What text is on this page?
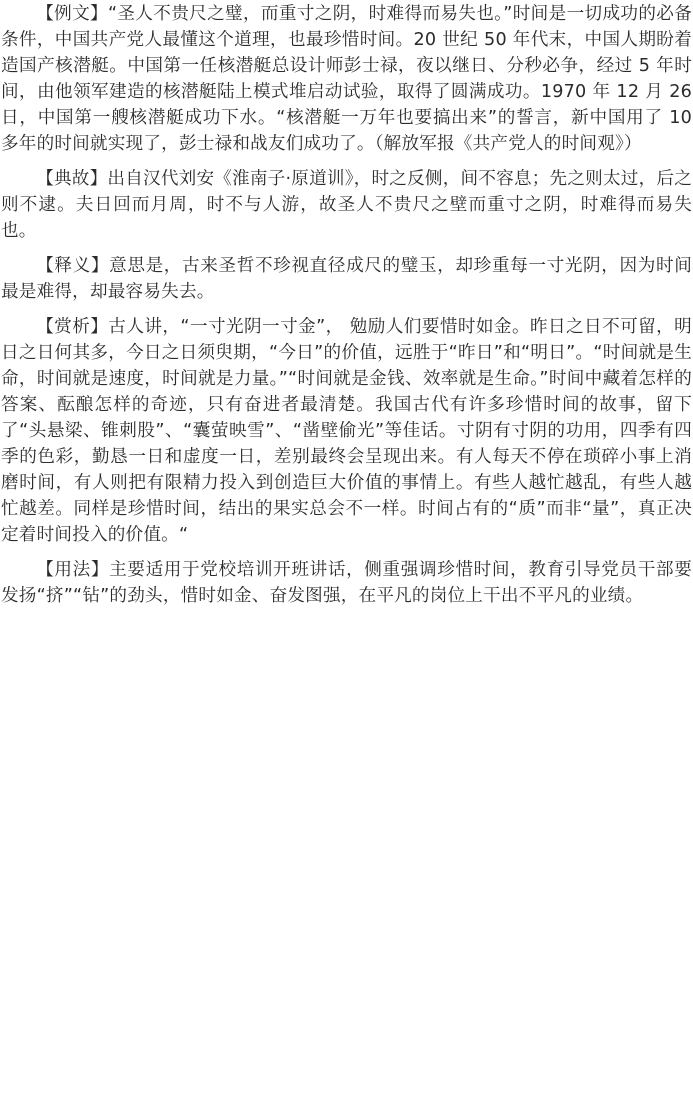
【例文】“圣人不贵尺之璧，而重寸之阴，时难得而易失也。”时间是一切成功的必备条件，中国共产党人最懂这个道理，也最珍惜时间。20 世纪 50 年代末，中国人期盼着造国产核潜艇。中国第一任核潜艇总设计师彭士禄，夜以继日、分秒必争，经过 5 年时间，由他领军建造的核潜艇陆上模式堆启动试验，取得了圆满成功。1970 年 12 月 26 日，中国第一艘核潜艇成功下水。“核潜艇一万年也要搞出来”的誓言，新中国用了 10 多年的时间就实现了，彭士禄和战友们成功了。（解放军报《共产党人的时间观》）

【典故】出自汉代刘安《淮南子·原道训》，时之反侧，间不容息；先之则太过，后之则不逮。夫日回而月周，时不与人游，故圣人不贵尺之壁而重寸之阴，时难得而易失也。

【释义】意思是，古来圣哲不珍视直径成尺的璧玉，却珍重每一寸光阴，因为时间最是难得，却最容易失去。

【赏析】古人讲，“一寸光阴一寸金”， 勉励人们要惜时如金。昨日之日不可留，明日之日何其多，今日之日须臾期，“今日”的价值，远胜于“昨日”和“明日”。“时间就是生命，时间就是速度，时间就是力量。”“时间就是金钱、效率就是生命。”时间中藏着怎样的答案、酝酿怎样的奇迹，只有奋进者最清楚。我国古代有许多珍惜时间的故事，留下了“头悬梁、锥刺股”、“囊萤映雪”、“凿壁偷光”等佳话。寸阴有寸阴的功用，四季有四季的色彩，勤恳一日和虚度一日，差别最终会呈现出来。有人每天不停在琐碎小事上消磨时间，有人则把有限精力投入到创造巨大价值的事情上。有些人越忙越乱，有些人越忙越差。同样是珍惜时间，结出的果实总会不一样。时间占有的“质”而非“量”，真正决定着时间投入的价值。“

【用法】主要适用于党校培训开班讲话，侧重强调珍惜时间，教育引导党员干部要发扬“挤”“钻”的劲头，惜时如金、奋发图强，在平凡的岗位上干出不平凡的业绩。
